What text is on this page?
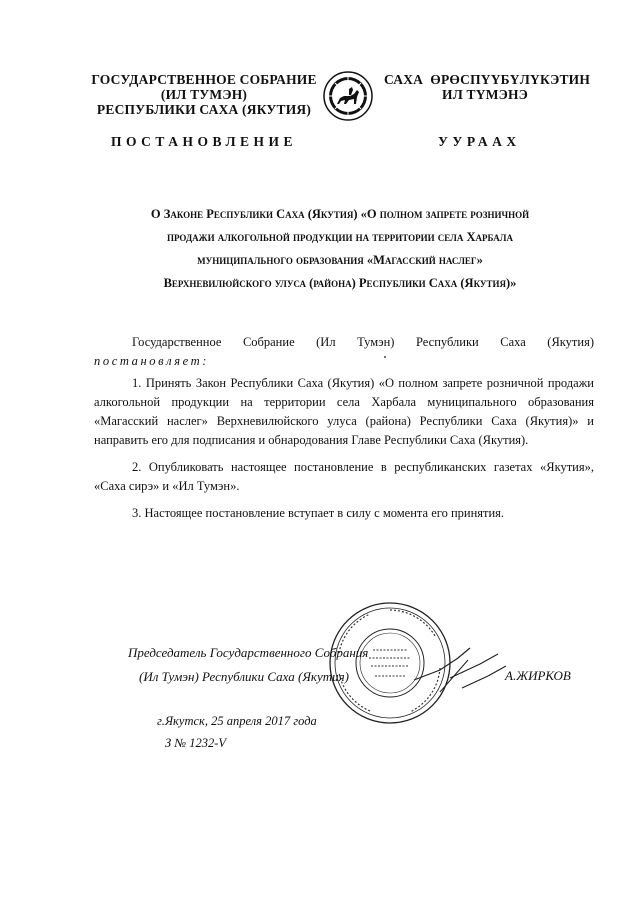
ГОСУДАРСТВЕННОЕ СОБРАНИЕ
(ИЛ ТУМЭН)
РЕСПУБЛИКИ САХА (ЯКУТИЯ)
САХА  ӨРӨСПҮҮБҮЛҮКЭТИН
ИЛ ТҮМЭНЭ
ПОСТАНОВЛЕНИЕ	УУРААХ
О Законе Республики Саха (Якутия) «О полном запрете розничной
продажи алкогольной продукции на территории села Харбала
муниципального образования «Магасский наслег»
Верхневилюйского улуса (района) Республики Саха (Якутия)»

Государственное Собрание (Ил Тумэн) Республики Саха (Якутия)

постановляет:

1. Принять Закон Республики Саха (Якутия) «О полном запрете розничной продажи алкогольной продукции на территории села Харбала муниципального образования «Магасский наслег» Верхневилюйского улуса (района) Республики Саха (Якутия)» и направить его для подписания и обнародования Главе Республики Саха (Якутия).

2. Опубликовать настоящее постановление в республиканских газетах «Якутия», «Саха сирэ» и «Ил Тумэн».

3. Настоящее постановление вступает в силу с момента его принятия.

Председатель Государственного Собрания
(Ил Тумэн) Республики Саха (Якутия)	А.ЖИРКОВ
г.Якутск, 25 апреля 2017 года
З № 1232-V
